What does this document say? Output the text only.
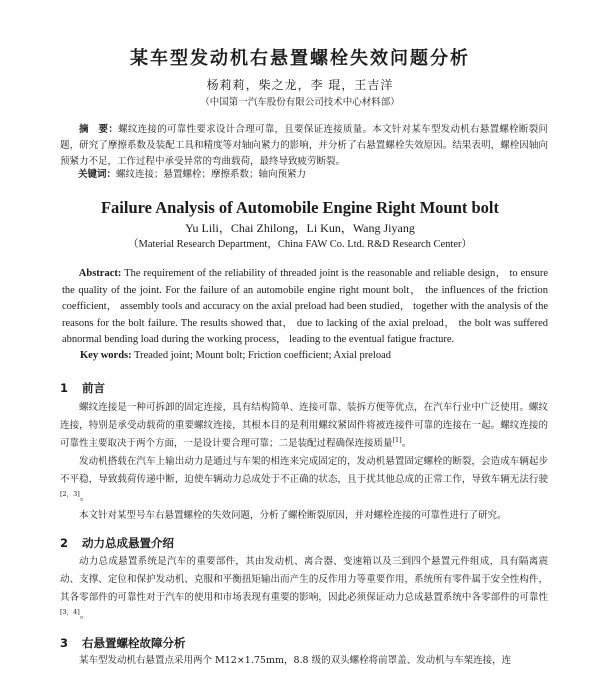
某车型发动机右悬置螺栓失效问题分析
杨莉莉，柴之龙，李 琨，王吉洋
（中国第一汽车股份有限公司技术中心材料部）

摘　要：螺纹连接的可靠性要求设计合理可靠，且要保证连接质量。本文针对某车型发动机右悬置螺栓断裂问题，研究了摩擦系数及装配工具和精度等对轴向紧力的影响，并分析了右悬置螺栓失效原因。结果表明，螺栓因轴向预紧力不足，工作过程中承受异常的弯曲载荷，最终导致疲劳断裂。

关键词：螺纹连接；悬置螺栓；摩擦系数；轴向预紧力
Failure Analysis of Automobile Engine Right Mount bolt
Yu Lili，Chai Zhilong，Li Kun，Wang Jiyang
（Material Research Department，China FAW Co. Ltd. R&D Research Center）

Abstract: The requirement of the reliability of threaded joint is the reasonable and reliable design， to ensure the quality of the joint. For the failure of an automobile engine right mount bolt， the influences of the friction coefficient， assembly tools and accuracy on the axial preload had been studied， together with the analysis of the reasons for the bolt failure. The results showed that， due to lacking of the axial preload， the bolt was suffered abnormal bending load during the working process， leading to the eventual fatigue fracture.

Key words: Treaded joint; Mount bolt; Friction coefficient; Axial preload
1 前言

螺纹连接是一种可拆卸的固定连接，具有结构简单、连接可靠、装拆方便等优点，在汽车行业中广泛使用。螺纹连接，特别是承受动载荷的重要螺纹连接，其根本目的是利用螺纹紧固件将被连接件可靠的连接在一起。螺纹连接的可靠性主要取决于两个方面，一是设计要合理可靠；二是装配过程确保连接质量[1]。

发动机搭载在汽车上输出动力是通过与车架的相连来完成固定的，发动机悬置固定螺栓的断裂，会造成车辆起步不平稳，导致载荷传递中断，迫使车辆动力总成处于不正确的状态，且于扰其他总成的正常工作，导致车辆无法行驶[2，3]。

本文针对某型号车右悬置螺栓的失效问题，分析了螺栓断裂原因，并对螺栓连接的可靠性进行了研究。

2 动力总成悬置介绍

动力总成悬置系统是汽车的重要部件，其由发动机、离合器、变速箱以及三到四个悬置元件组成，具有隔离震动、支撑、定位和保护发动机、克服和平衡扭矩输出而产生的反作用力等重要作用，系统所有零件属于安全性构件，其各零部件的可靠性对于汽车的使用和市场表现有重要的影响，因此必须保证动力总成悬置系统中各零部件的可靠性[3，4]。

3 右悬置螺栓故障分析

某车型发动机右悬置点采用两个 M12×1.75mm，8.8 级的双头螺栓将前罩盖、发动机与车架连接，连
